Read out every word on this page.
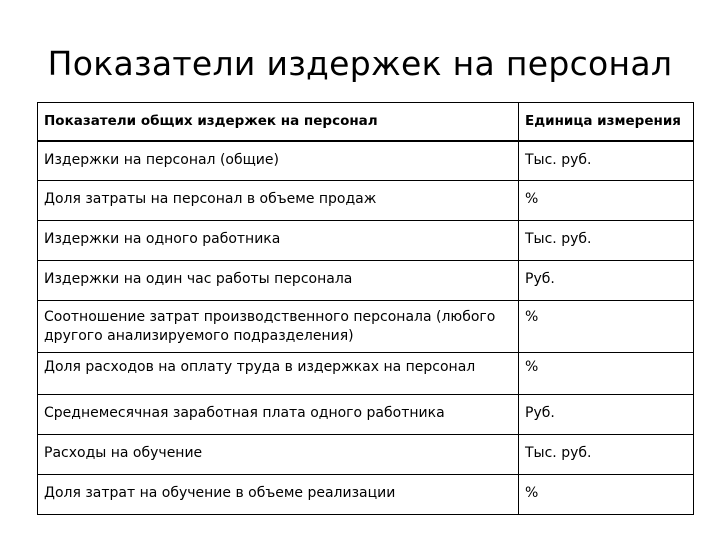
Показатели издержек на персонал
Показатели общих издержек на персонал	Единица измерения
Издержки на персонал (общие)	Тыс. руб.
Доля затраты на персонал в объеме продаж	%
Издержки на одного работника	Тыс. руб.
Издержки на один час работы персонала	Руб.
Соотношение затрат производственного персонала (любого другого анализируемого подразделения)	%
Доля расходов на оплату труда в издержках на персонал	%
Среднемесячная заработная плата одного работника	Руб.
Расходы на обучение	Тыс. руб.
Доля затрат на обучение в объеме реализации	%
